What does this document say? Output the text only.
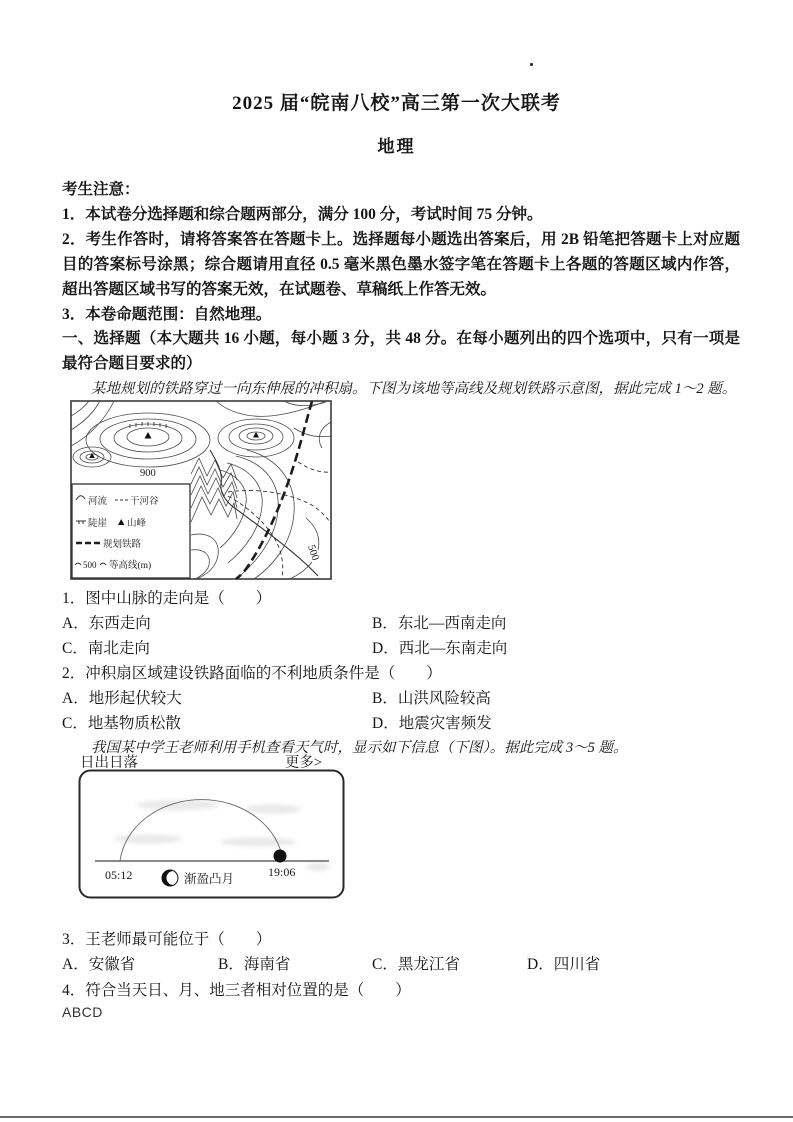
2025 届“皖南八校”高三第一次大联考
地理
考生注意：
1．本试卷分选择题和综合题两部分，满分 100 分，考试时间 75 分钟。
2．考生作答时，请将答案答在答题卡上。选择题每小题选出答案后，用 2B 铅笔把答题卡上对应题目的答案标号涂黑；综合题请用直径 0.5 毫米黑色墨水签字笔在答题卡上各题的答题区域内作答，超出答题区域书写的答案无效，在试题卷、草稿纸上作答无效。
3．本卷命题范围：自然地理。
一、选择题（本大题共 16 小题，每小题 3 分，共 48 分。在每小题列出的四个选项中，只有一项是最符合题目要求的）
某地规划的铁路穿过一向东伸展的冲积扇。下图为该地等高线及规划铁路示意图，据此完成 1～2 题。
900
500
河流 干河谷
陡崖 山峰
规划铁路
500 等高线(m)
1．图中山脉的走向是（　　）
A．东西走向	B．东北—西南走向
C．南北走向	D．西北—东南走向
2．冲积扇区域建设铁路面临的不利地质条件是（　　）
A．地形起伏较大	B．山洪风险较高
C．地基物质松散	D．地震灾害频发
我国某中学王老师利用手机查看天气时，显示如下信息（下图）。据此完成 3～5 题。
日出日落	更多>
05:12	19:06
渐盈凸月
3．王老师最可能位于（　　）
A．安徽省	B．海南省	C．黑龙江省	D．四川省
4．符合当天日、月、地三者相对位置的是（　　）
ABCD
